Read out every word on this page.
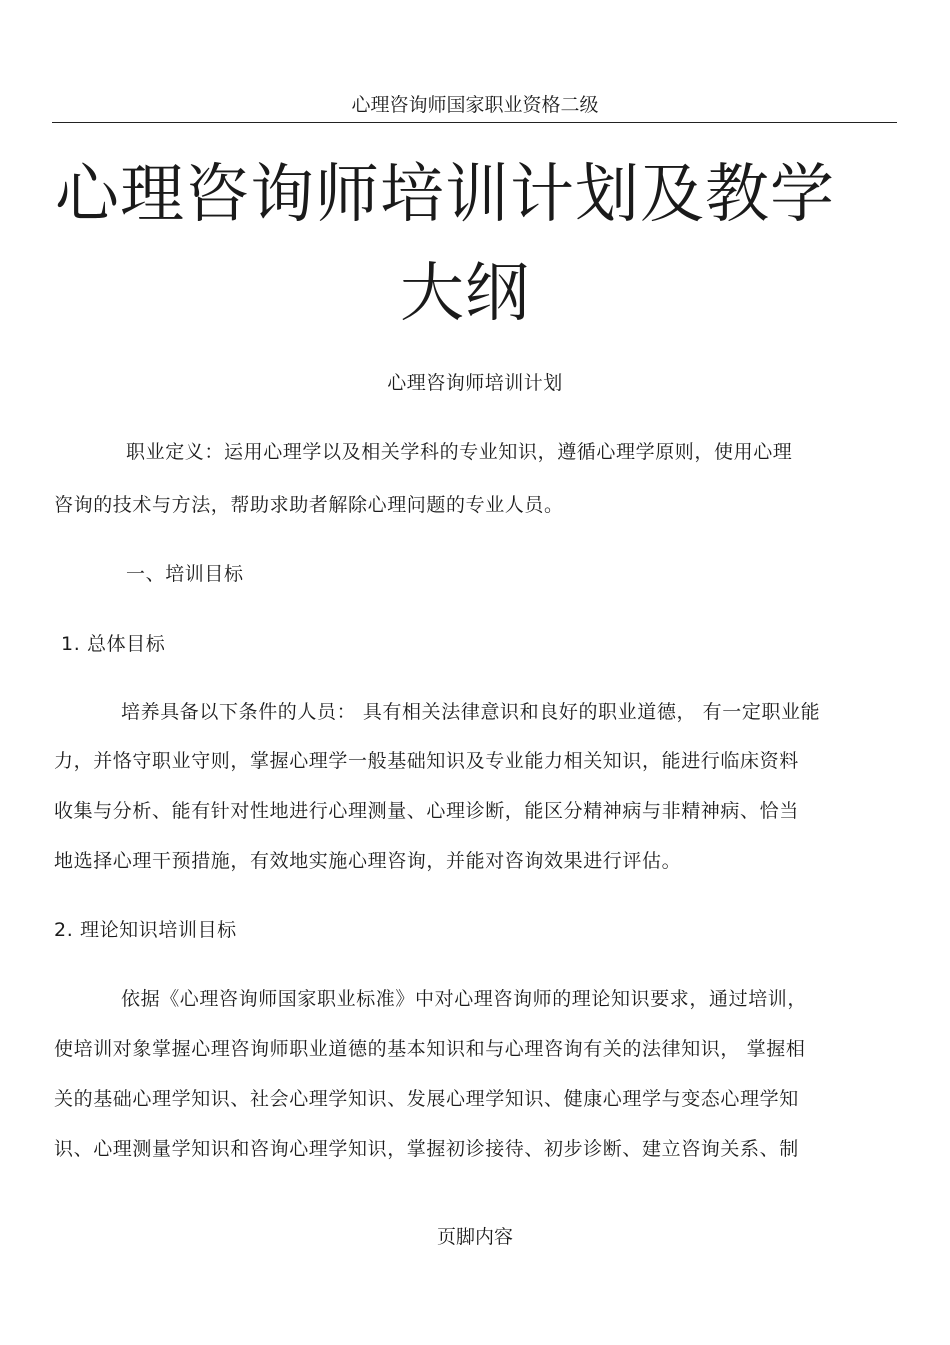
心理咨询师国家职业资格二级
心理咨询师培训计划及教学
大纲
心理咨询师培训计划
职业定义：运用心理学以及相关学科的专业知识，遵循心理学原则，使用心理
咨询的技术与方法，帮助求助者解除心理问题的专业人员。
一、培训目标
1. 总体目标
培养具备以下条件的人员： 具有相关法律意识和良好的职业道德， 有一定职业能
力，并恪守职业守则，掌握心理学一般基础知识及专业能力相关知识，能进行临床资料
收集与分析、能有针对性地进行心理测量、心理诊断，能区分精神病与非精神病、恰当
地选择心理干预措施，有效地实施心理咨询，并能对咨询效果进行评估。
2. 理论知识培训目标
依据《心理咨询师国家职业标准》中对心理咨询师的理论知识要求，通过培训，
使培训对象掌握心理咨询师职业道德的基本知识和与心理咨询有关的法律知识， 掌握相
关的基础心理学知识、社会心理学知识、发展心理学知识、健康心理学与变态心理学知
识、心理测量学知识和咨询心理学知识，掌握初诊接待、初步诊断、建立咨询关系、制
页脚内容
